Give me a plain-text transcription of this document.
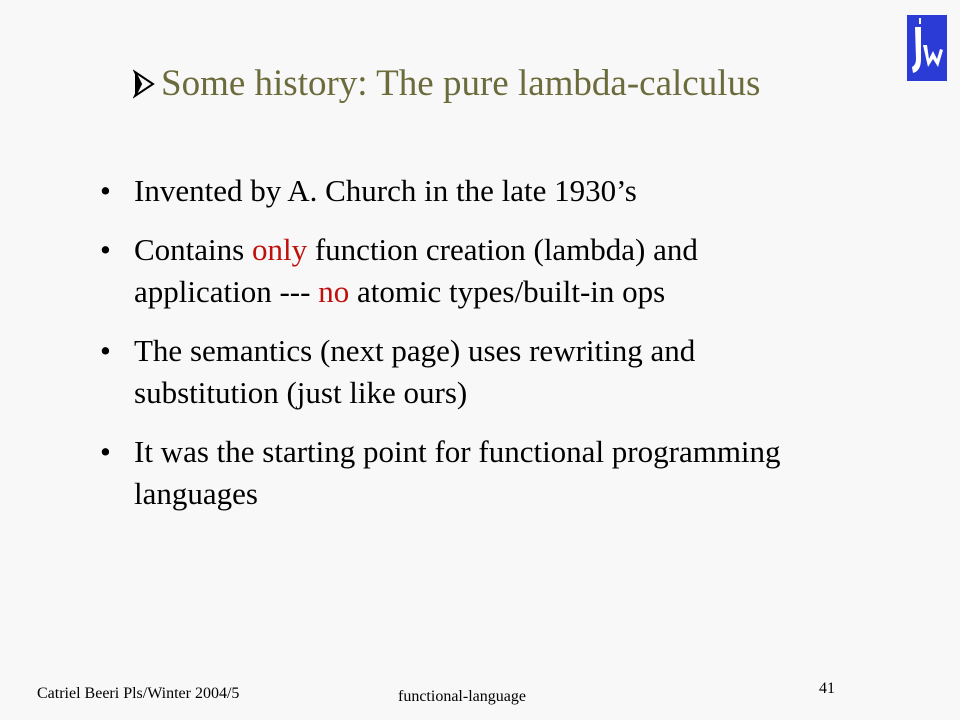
Some history: The pure lambda-calculus
• Invented by A. Church in the late 1930’s
• Contains only function creation (lambda) and application --- no atomic types/built-in ops
• The semantics (next page) uses rewriting and substitution (just like ours)
• It was the starting point for functional programming languages
Catriel Beeri Pls/Winter 2004/5	functional-language	41
